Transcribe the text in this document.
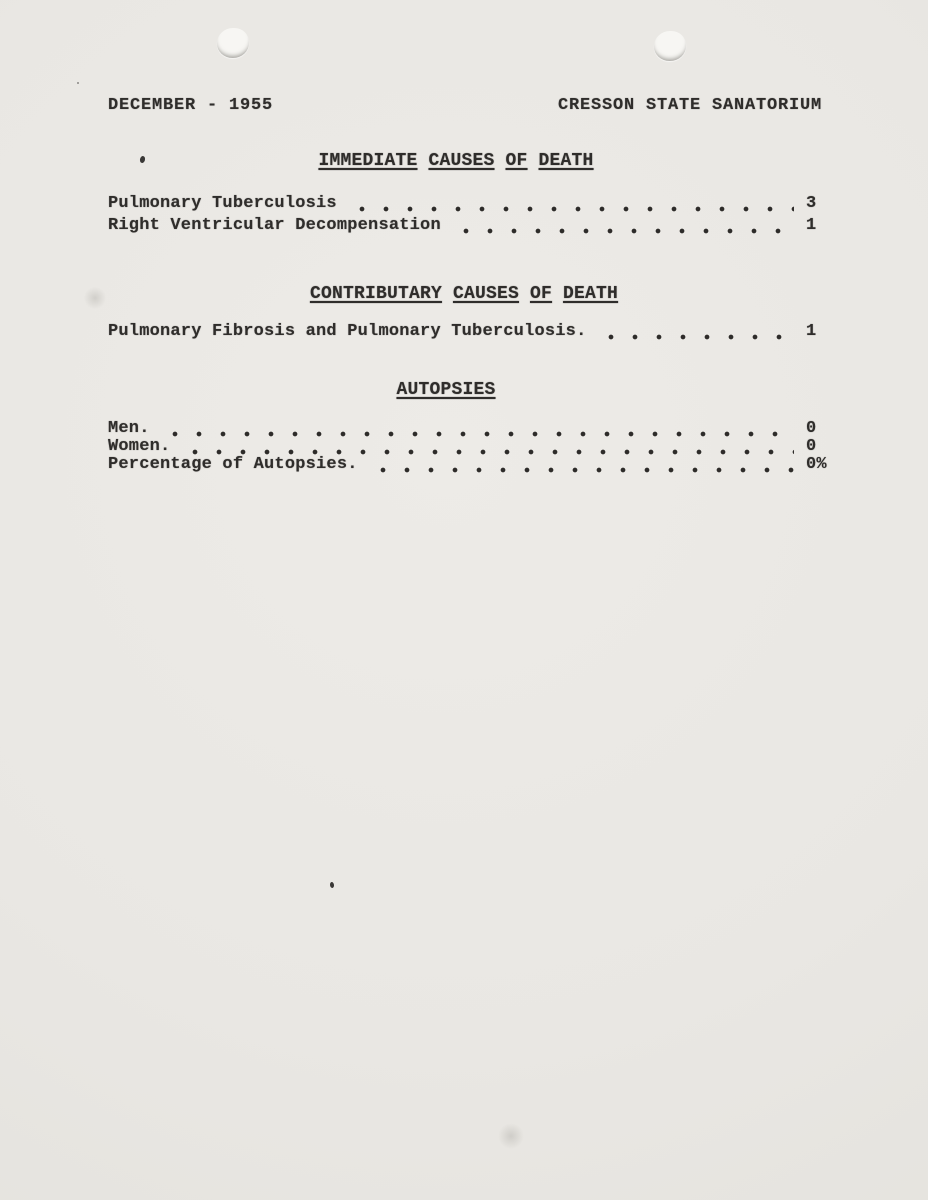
DECEMBER - 1955	CRESSON STATE SANATORIUM
IMMEDIATE CAUSES OF DEATH
Pulmonary Tuberculosis	3
Right Ventricular Decompensation	1
CONTRIBUTARY CAUSES OF DEATH
Pulmonary Fibrosis and Pulmonary Tuberculosis.	1
AUTOPSIES
Men.	0
Women.	0
Percentage of Autopsies.	0%
